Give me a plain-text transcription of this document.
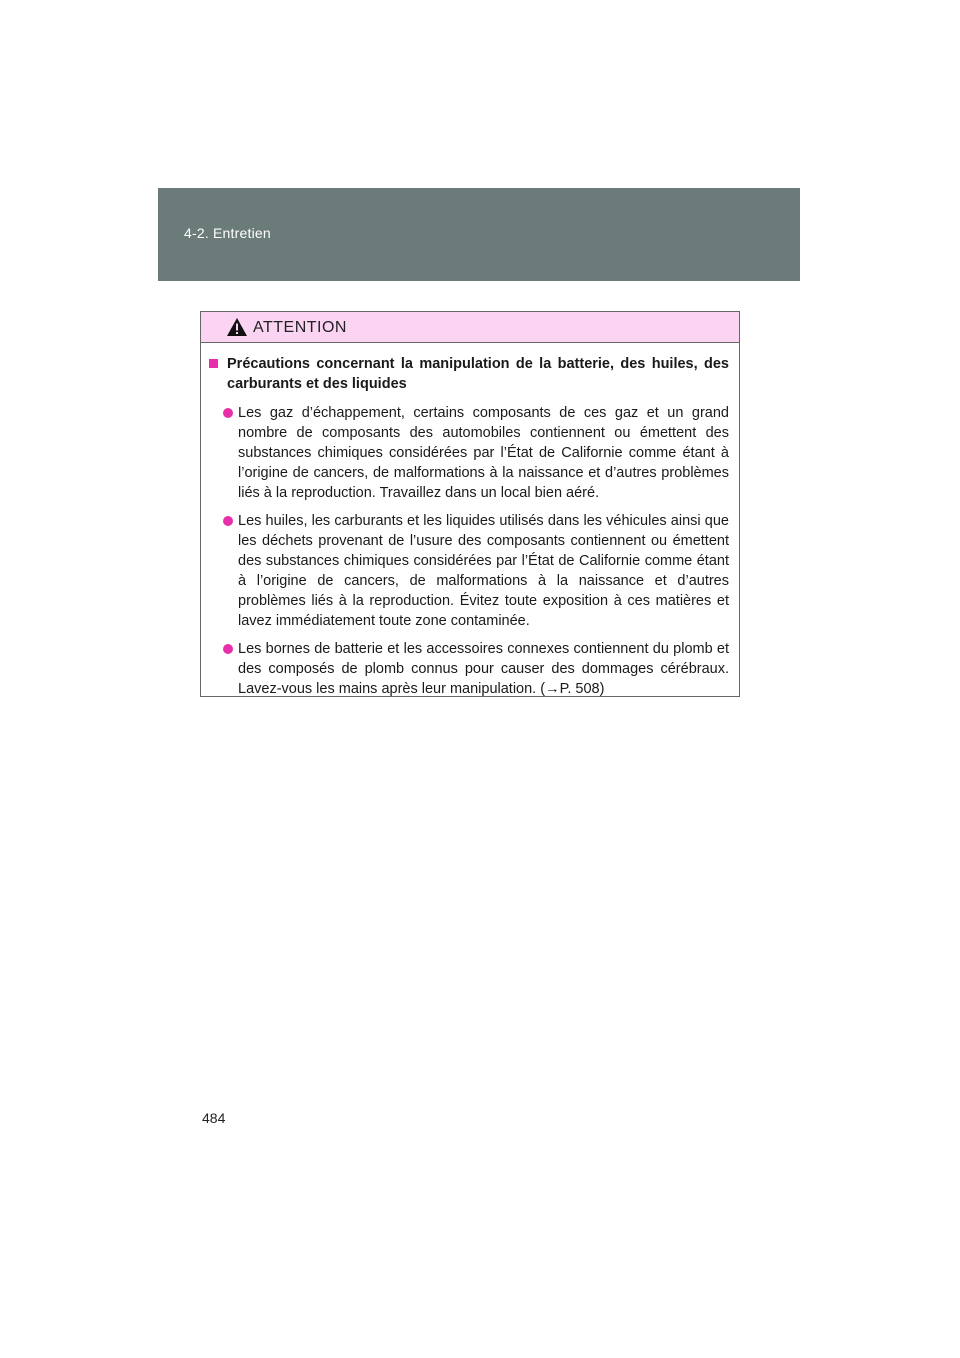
4-2. Entretien
ATTENTION
Précautions concernant la manipulation de la batterie, des huiles, des carburants et des liquides
Les gaz d’échappement, certains composants de ces gaz et un grand nombre de composants des automobiles contiennent ou émettent des substances chimiques considérées par l’État de Californie comme étant à l’origine de cancers, de malformations à la naissance et d’autres problèmes liés à la reproduction. Travaillez dans un local bien aéré.
Les huiles, les carburants et les liquides utilisés dans les véhicules ainsi que les déchets provenant de l’usure des composants contiennent ou émettent des substances chimiques considérées par l’État de Californie comme étant à l’origine de cancers, de malformations à la naissance et d’autres problèmes liés à la reproduction. Évitez toute exposition à ces matières et lavez immédiatement toute zone contaminée.
Les bornes de batterie et les accessoires connexes contiennent du plomb et des composés de plomb connus pour causer des dommages cérébraux. Lavez-vous les mains après leur manipulation. (→P. 508)
484
